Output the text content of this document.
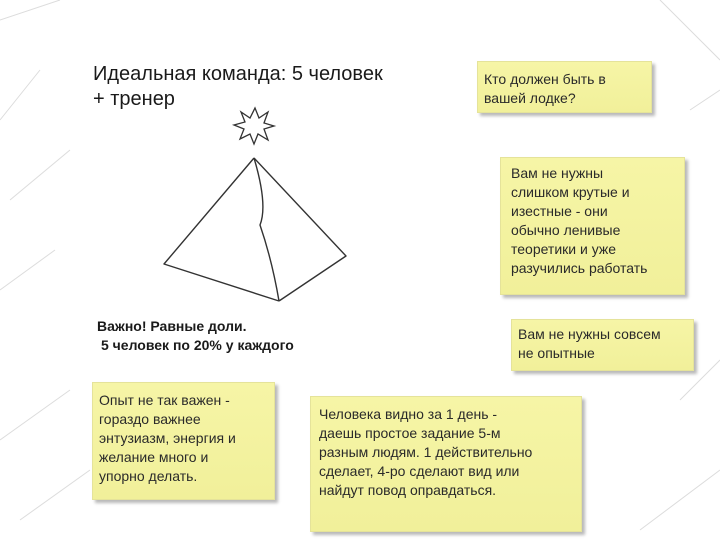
Идеальная команда: 5 человек
+ тренер
Кто должен быть в
вашей лодке?
Вам не нужны
слишком крутые и
изестные - они
обычно ленивые
теоретики и уже
разучились работать
Вам не нужны совсем
не опытные
Важно! Равные доли.
5 человек по 20% у каждого
Опыт не так важен -
гораздо важнее
энтузиазм, энергия и
желание много и
упорно делать.
Человека видно за 1 день -
даешь простое задание 5-м
разным людям. 1 действительно
сделает, 4-ро сделают вид или
найдут повод оправдаться.
